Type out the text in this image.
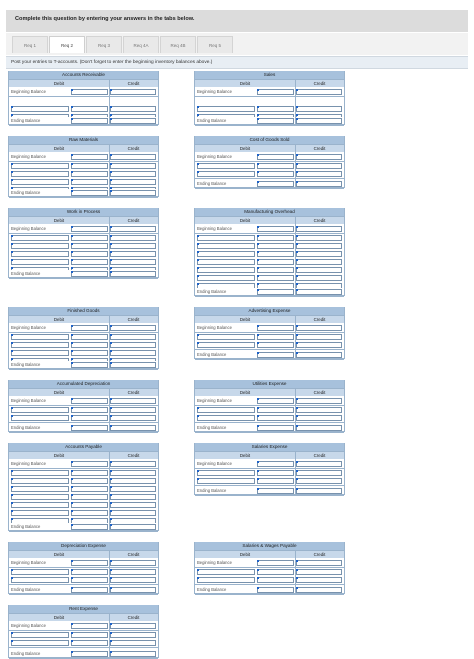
Complete this question by entering your answers in the tabs below.
Req 1	Req 2	Req 3	Req 4A	Req 4B	Req 5
Post your entries to T-accounts. (Don't forget to enter the beginning inventory balances above.)
Accounts Receivable
Debit	Credit
Beginning Balance
Ending Balance
Sales
Debit	Credit
Beginning Balance
Ending Balance
Raw Materials
Debit	Credit
Beginning Balance
Ending Balance
Cost of Goods Sold
Debit	Credit
Beginning Balance
Ending Balance
Work in Process
Debit	Credit
Beginning Balance
Ending Balance
Manufacturing Overhead
Debit	Credit
Beginning Balance
Ending Balance
Finished Goods
Debit	Credit
Beginning Balance
Ending Balance
Advertising Expense
Debit	Credit
Beginning Balance
Ending Balance
Accumulated Depreciation
Debit	Credit
Beginning Balance
Ending Balance
Utilities Expense
Debit	Credit
Beginning Balance
Ending Balance
Accounts Payable
Debit	Credit
Beginning Balance
Ending Balance
Salaries Expense
Debit	Credit
Beginning Balance
Ending Balance
Depreciation Expense
Debit	Credit
Beginning Balance
Ending Balance
Salaries & Wages Payable
Debit	Credit
Beginning Balance
Ending Balance
Rent Expense
Debit	Credit
Beginning Balance
Ending Balance
